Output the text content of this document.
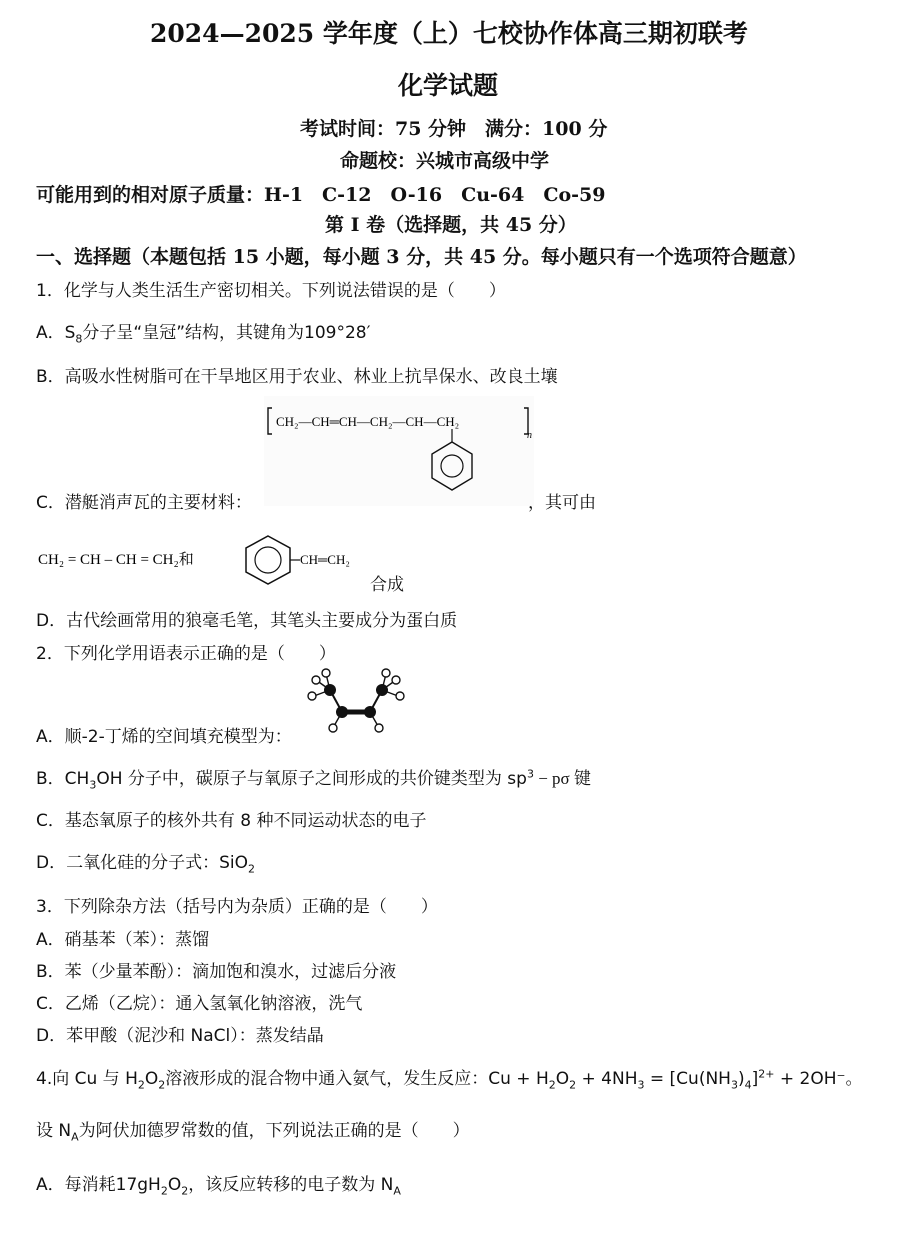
2024—2025 学年度（上）七校协作体高三期初联考
化学试题
考试时间：75 分钟　满分：100 分
命题校：兴城市高级中学
可能用到的相对原子质量：H-1　C-12　O-16　Cu-64　Co-59
第 I 卷（选择题，共 45 分）
一、选择题（本题包括 15 小题，每小题 3 分，共 45 分。每小题只有一个选项符合题意）
1．化学与人类生活生产密切相关。下列说法错误的是（　　）
A．$S_8$分子呈“皇冠”结构，其键角为109°28′
B．高吸水性树脂可在干旱地区用于农业、林业上抗旱保水、改良土壤
CH₂—CH═CH—CH₂—CH—CH₂
n
C．潜艇消声瓦的主要材料：	，其可由
CH₂ = CH – CH = CH₂和	CH═CH₂
合成
D．古代绘画常用的狼毫毛笔，其笔头主要成分为蛋白质
2．下列化学用语表示正确的是（　　）
A．顺-2-丁烯的空间填充模型为：
B．$CH_3OH$ 分子中，碳原子与氧原子之间形成的共价键类型为 $sp^3 - p\sigma$ 键
C．基态氧原子的核外共有 8 种不同运动状态的电子
D．二氧化硅的分子式：SiO$_2$
3．下列除杂方法（括号内为杂质）正确的是（　　）
A．硝基苯（苯）：蒸馏
B．苯（少量苯酚）：滴加饱和溴水，过滤后分液
C．乙烯（乙烷）：通入氢氧化钠溶液，洗气
D．苯甲酸（泥沙和 NaCl）：蒸发结晶
4.向 Cu 与 $H_2O_2$溶液形成的混合物中通入氨气，发生反应：$Cu + H_2O_2 + 4NH_3 = [Cu(NH_3)_4]^{2+} + 2OH^-$。
设 $N_A$为阿伏加德罗常数的值，下列说法正确的是（　　）
A．每消耗$17gH_2O_2$，该反应转移的电子数为 $N_A$
